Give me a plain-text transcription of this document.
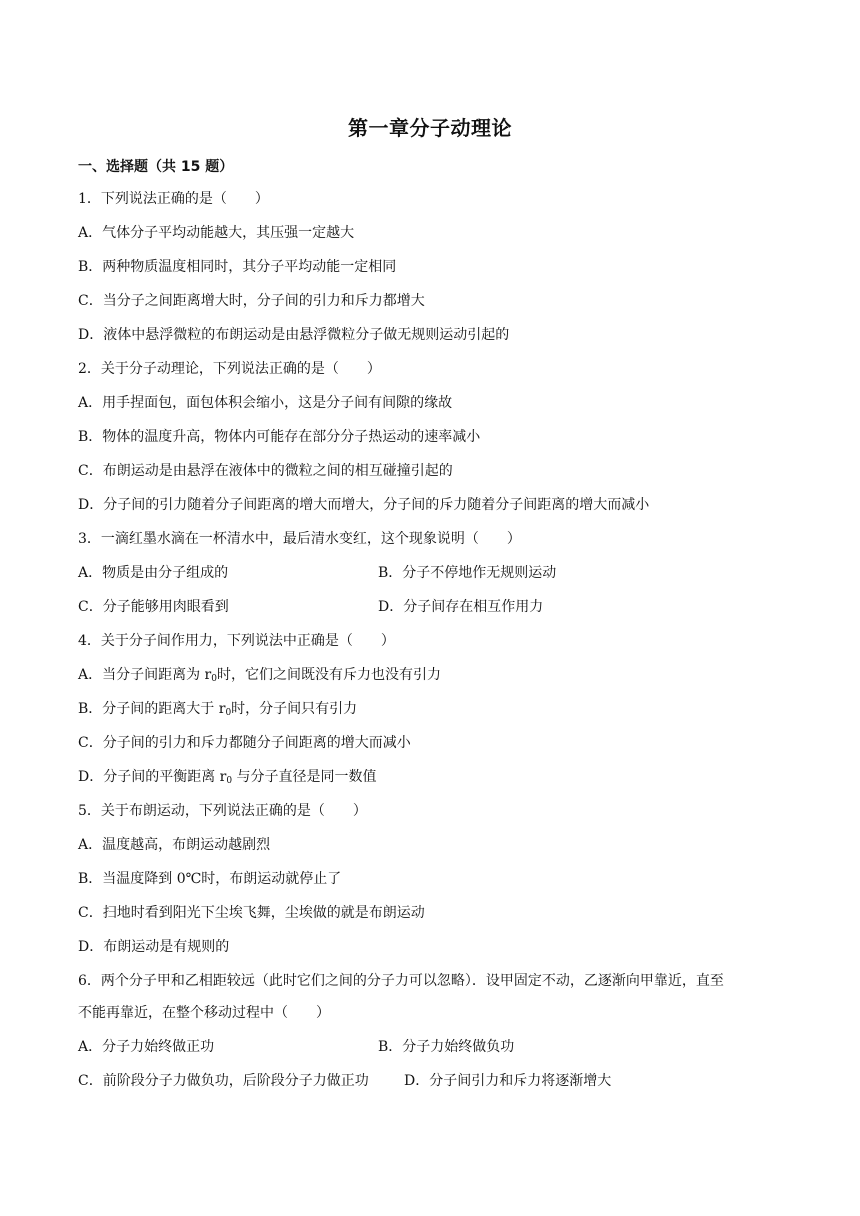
第一章分子动理论
一、选择题（共 15 题）
1．下列说法正确的是（　　）
A．气体分子平均动能越大，其压强一定越大
B．两种物质温度相同时，其分子平均动能一定相同
C．当分子之间距离增大时，分子间的引力和斥力都增大
D．液体中悬浮微粒的布朗运动是由悬浮微粒分子做无规则运动引起的
2．关于分子动理论，下列说法正确的是（　　）
A．用手捏面包，面包体积会缩小，这是分子间有间隙的缘故
B．物体的温度升高，物体内可能存在部分分子热运动的速率减小
C．布朗运动是由悬浮在液体中的微粒之间的相互碰撞引起的
D．分子间的引力随着分子间距离的增大而增大，分子间的斥力随着分子间距离的增大而减小
3．一滴红墨水滴在一杯清水中，最后清水变红，这个现象说明（　　）
A．物质是由分子组成的	B．分子不停地作无规则运动
C．分子能够用肉眼看到	D．分子间存在相互作用力
4．关于分子间作用力，下列说法中正确是（　　）
A．当分子间距离为 $r_0$时，它们之间既没有斥力也没有引力
B．分子间的距离大于 $r_0$时，分子间只有引力
C．分子间的引力和斥力都随分子间距离的增大而减小
D．分子间的平衡距离 $r_0$ 与分子直径是同一数值
5．关于布朗运动，下列说法正确的是（　　）
A．温度越高，布朗运动越剧烈
B．当温度降到 0℃时，布朗运动就停止了
C．扫地时看到阳光下尘埃飞舞，尘埃做的就是布朗运动
D．布朗运动是有规则的
6．两个分子甲和乙相距较远（此时它们之间的分子力可以忽略）．设甲固定不动，乙逐渐向甲靠近，直至
不能再靠近，在整个移动过程中（　　）
A．分子力始终做正功	B．分子力始终做负功
C．前阶段分子力做负功，后阶段分子力做正功	D．分子间引力和斥力将逐渐增大
